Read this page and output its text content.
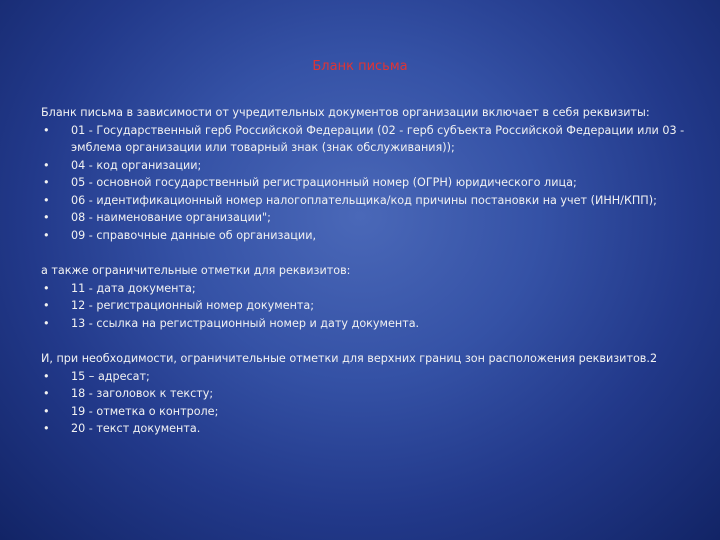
Бланк письма

Бланк письма в зависимости от учредительных документов организации включает в себя реквизиты:

• 01 - Государственный герб Российской Федерации (02 - герб субъекта Российской Федерации или 03 - эмблема организации или товарный знак (знак обслуживания));
• 04 - код организации;
• 05 - основной государственный регистрационный номер (ОГРН) юридического лица;
• 06 - идентификационный номер налогоплательщика/код причины постановки на учет (ИНН/КПП);
• 08 - наименование организации";
• 09 - справочные данные об организации,

а также ограничительные отметки для реквизитов:

• 11 - дата документа;
• 12 - регистрационный номер документа;
• 13 - ссылка на регистрационный номер и дату документа.

И, при необходимости, ограничительные отметки для верхних границ зон расположения реквизитов.2

• 15 – адресат;
• 18 - заголовок к тексту;
• 19 - отметка о контроле;
• 20 - текст документа.
